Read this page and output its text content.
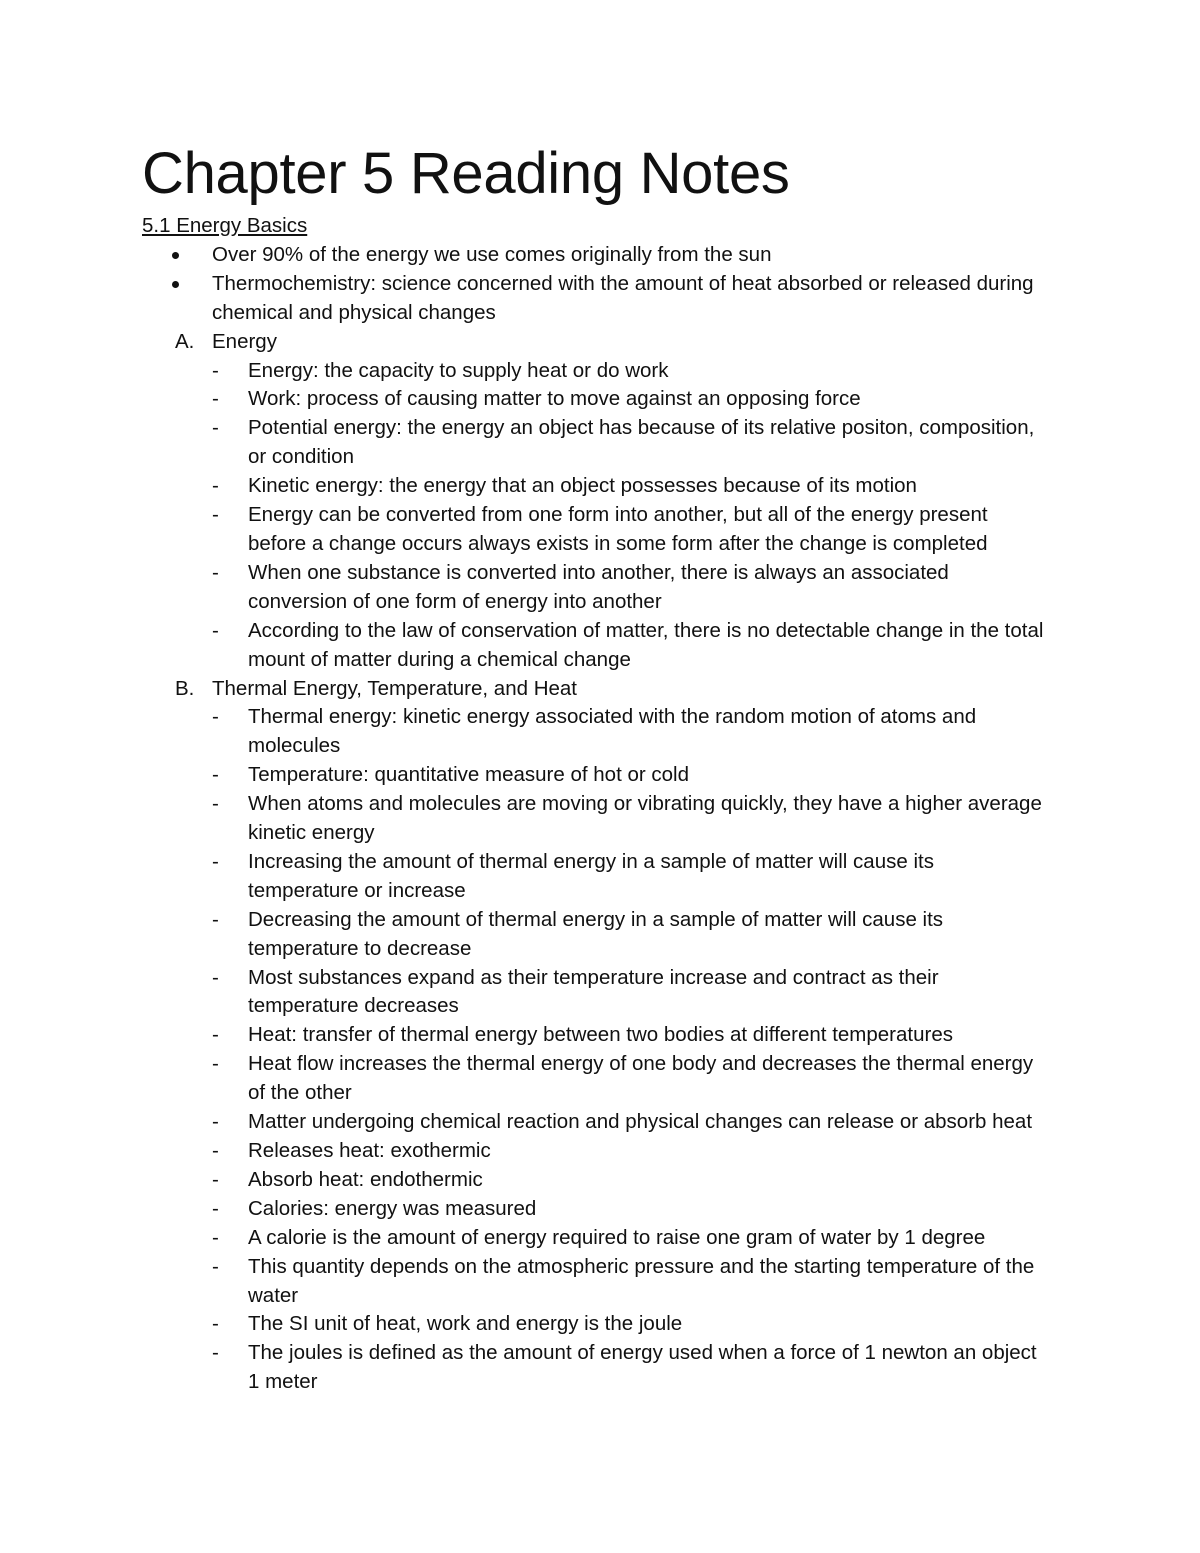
Chapter 5 Reading Notes

5.1 Energy Basics

Over 90% of the energy we use comes originally from the sun
Thermochemistry: science concerned with the amount of heat absorbed or released during chemical and physical changes
A. Energy
- Energy: the capacity to supply heat or do work
- Work: process of causing matter to move against an opposing force
- Potential energy: the energy an object has because of its relative positon, composition, or condition
- Kinetic energy: the energy that an object possesses because of its motion
- Energy can be converted from one form into another, but all of the energy present before a change occurs always exists in some form after the change is completed
- When one substance is converted into another, there is always an associated conversion of one form of energy into another
- According to the law of conservation of matter, there is no detectable change in the total mount of matter during a chemical change
B. Thermal Energy, Temperature, and Heat
- Thermal energy: kinetic energy associated with the random motion of atoms and molecules
- Temperature: quantitative measure of hot or cold
- When atoms and molecules are moving or vibrating quickly, they have a higher average kinetic energy
- Increasing the amount of thermal energy in a sample of matter will cause its temperature or increase
- Decreasing the amount of thermal energy in a sample of matter will cause its temperature to decrease
- Most substances expand as their temperature increase and contract as their temperature decreases
- Heat: transfer of thermal energy between two bodies at different temperatures
- Heat flow increases the thermal energy of one body and decreases the thermal energy of the other
- Matter undergoing chemical reaction and physical changes can release or absorb heat
- Releases heat: exothermic
- Absorb heat: endothermic
- Calories: energy was measured
- A calorie is the amount of energy required to raise one gram of water by 1 degree
- This quantity depends on the atmospheric pressure and the starting temperature of the water
- The SI unit of heat, work and energy is the joule
- The joules is defined as the amount of energy used when a force of 1 newton an object 1 meter
